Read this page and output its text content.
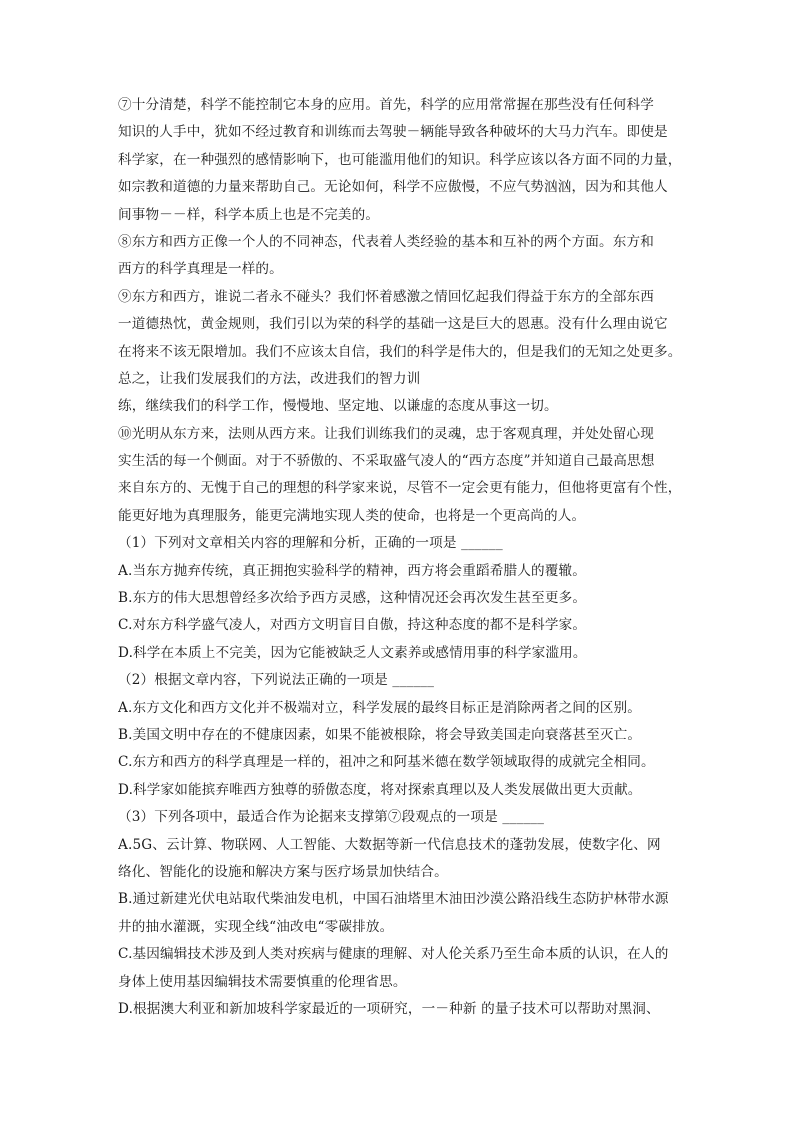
⑦十分清楚，科学不能控制它本身的应用。首先，科学的应用常常握在那些没有任何科学
知识的人手中，犹如不经过教育和训练而去驾驶－辆能导致各种破坏的大马力汽车。即使是
科学家，在一种强烈的感情影响下，也可能滥用他们的知识。科学应该以各方面不同的力量，
如宗教和道德的力量来帮助自己。无论如何，科学不应傲慢，不应气势汹汹，因为和其他人
间事物－－样，科学本质上也是不完美的。
⑧东方和西方正像一个人的不同神态，代表着人类经验的基本和互补的两个方面。东方和
西方的科学真理是一样的。
⑨东方和西方，谁说二者永不碰头？我们怀着感激之情回忆起我们得益于东方的全部东西
一道德热忱，黄金规则，我们引以为荣的科学的基础一这是巨大的恩惠。没有什么理由说它
在将来不该无限增加。我们不应该太自信，我们的科学是伟大的，但是我们的无知之处更多。
总之，让我们发展我们的方法，改进我们的智力训
练，继续我们的科学工作，慢慢地、坚定地、以谦虚的态度从事这一切。
⑩光明从东方来，法则从西方来。让我们训练我们的灵魂，忠于客观真理，并处处留心现
实生活的每一个侧面。对于不骄傲的、不采取盛气凌人的“西方态度”并知道自己最高思想
来自东方的、无愧于自己的理想的科学家来说，尽管不一定会更有能力，但他将更富有个性，
能更好地为真理服务，能更完满地实现人类的使命，也将是一个更高尚的人。
（1）下列对文章相关内容的理解和分析，正确的一项是 ______
A.当东方抛弃传统，真正拥抱实验科学的精神，西方将会重蹈希腊人的覆辙。
B.东方的伟大思想曾经多次给予西方灵感，这种情况还会再次发生甚至更多。
C.对东方科学盛气凌人，对西方文明盲目自傲，持这种态度的都不是科学家。
D.科学在本质上不完美，因为它能被缺乏人文素养或感情用事的科学家滥用。
（2）根据文章内容，下列说法正确的一项是 ______
A.东方文化和西方文化并不极端对立，科学发展的最终目标正是消除两者之间的区别。
B.美国文明中存在的不健康因素，如果不能被根除，将会导致美国走向衰落甚至灭亡。
C.东方和西方的科学真理是一样的，祖冲之和阿基米德在数学领域取得的成就完全相同。
D.科学家如能摈弃唯西方独尊的骄傲态度，将对探索真理以及人类发展做出更大贡献。
（3）下列各项中，最适合作为论据来支撑第⑦段观点的一项是 ______
A.5G、云计算、物联网、人工智能、大数据等新一代信息技术的蓬勃发展，使数字化、网
络化、智能化的设施和解决方案与医疗场景加快结合。
B.通过新建光伏电站取代柴油发电机，中国石油塔里木油田沙漠公路沿线生态防护林带水源
井的抽水灌溉，实现全线“油改电“零碳排放。
C.基因编辑技术涉及到人类对疾病与健康的理解、对人伦关系乃至生命本质的认识，在人的
身体上使用基因编辑技术需要慎重的伦理省思。
D.根据澳大利亚和新加坡科学家最近的一项研究，一－种新 的量子技术可以帮助对黑洞、
